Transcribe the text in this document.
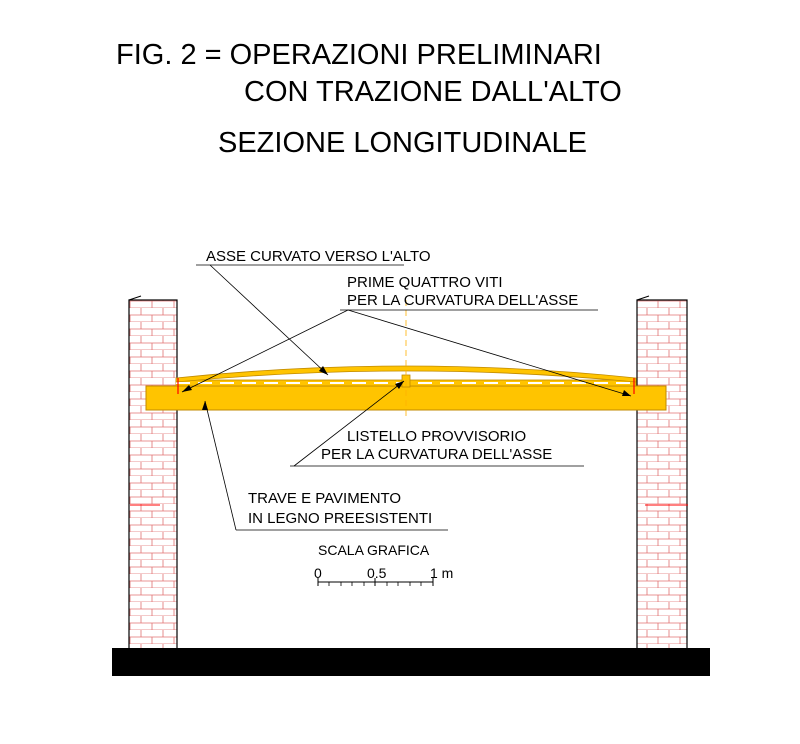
FIG. 2 = OPERAZIONI PRELIMINARI
CON TRAZIONE DALL'ALTO
SEZIONE LONGITUDINALE
ASSE CURVATO VERSO L'ALTO
PRIME QUATTRO VITI
PER LA CURVATURA DELL'ASSE
LISTELLO PROVVISORIO
PER LA CURVATURA DELL'ASSE
TRAVE E PAVIMENTO
IN LEGNO PREESISTENTI
SCALA GRAFICA
0	0.5	1 m
